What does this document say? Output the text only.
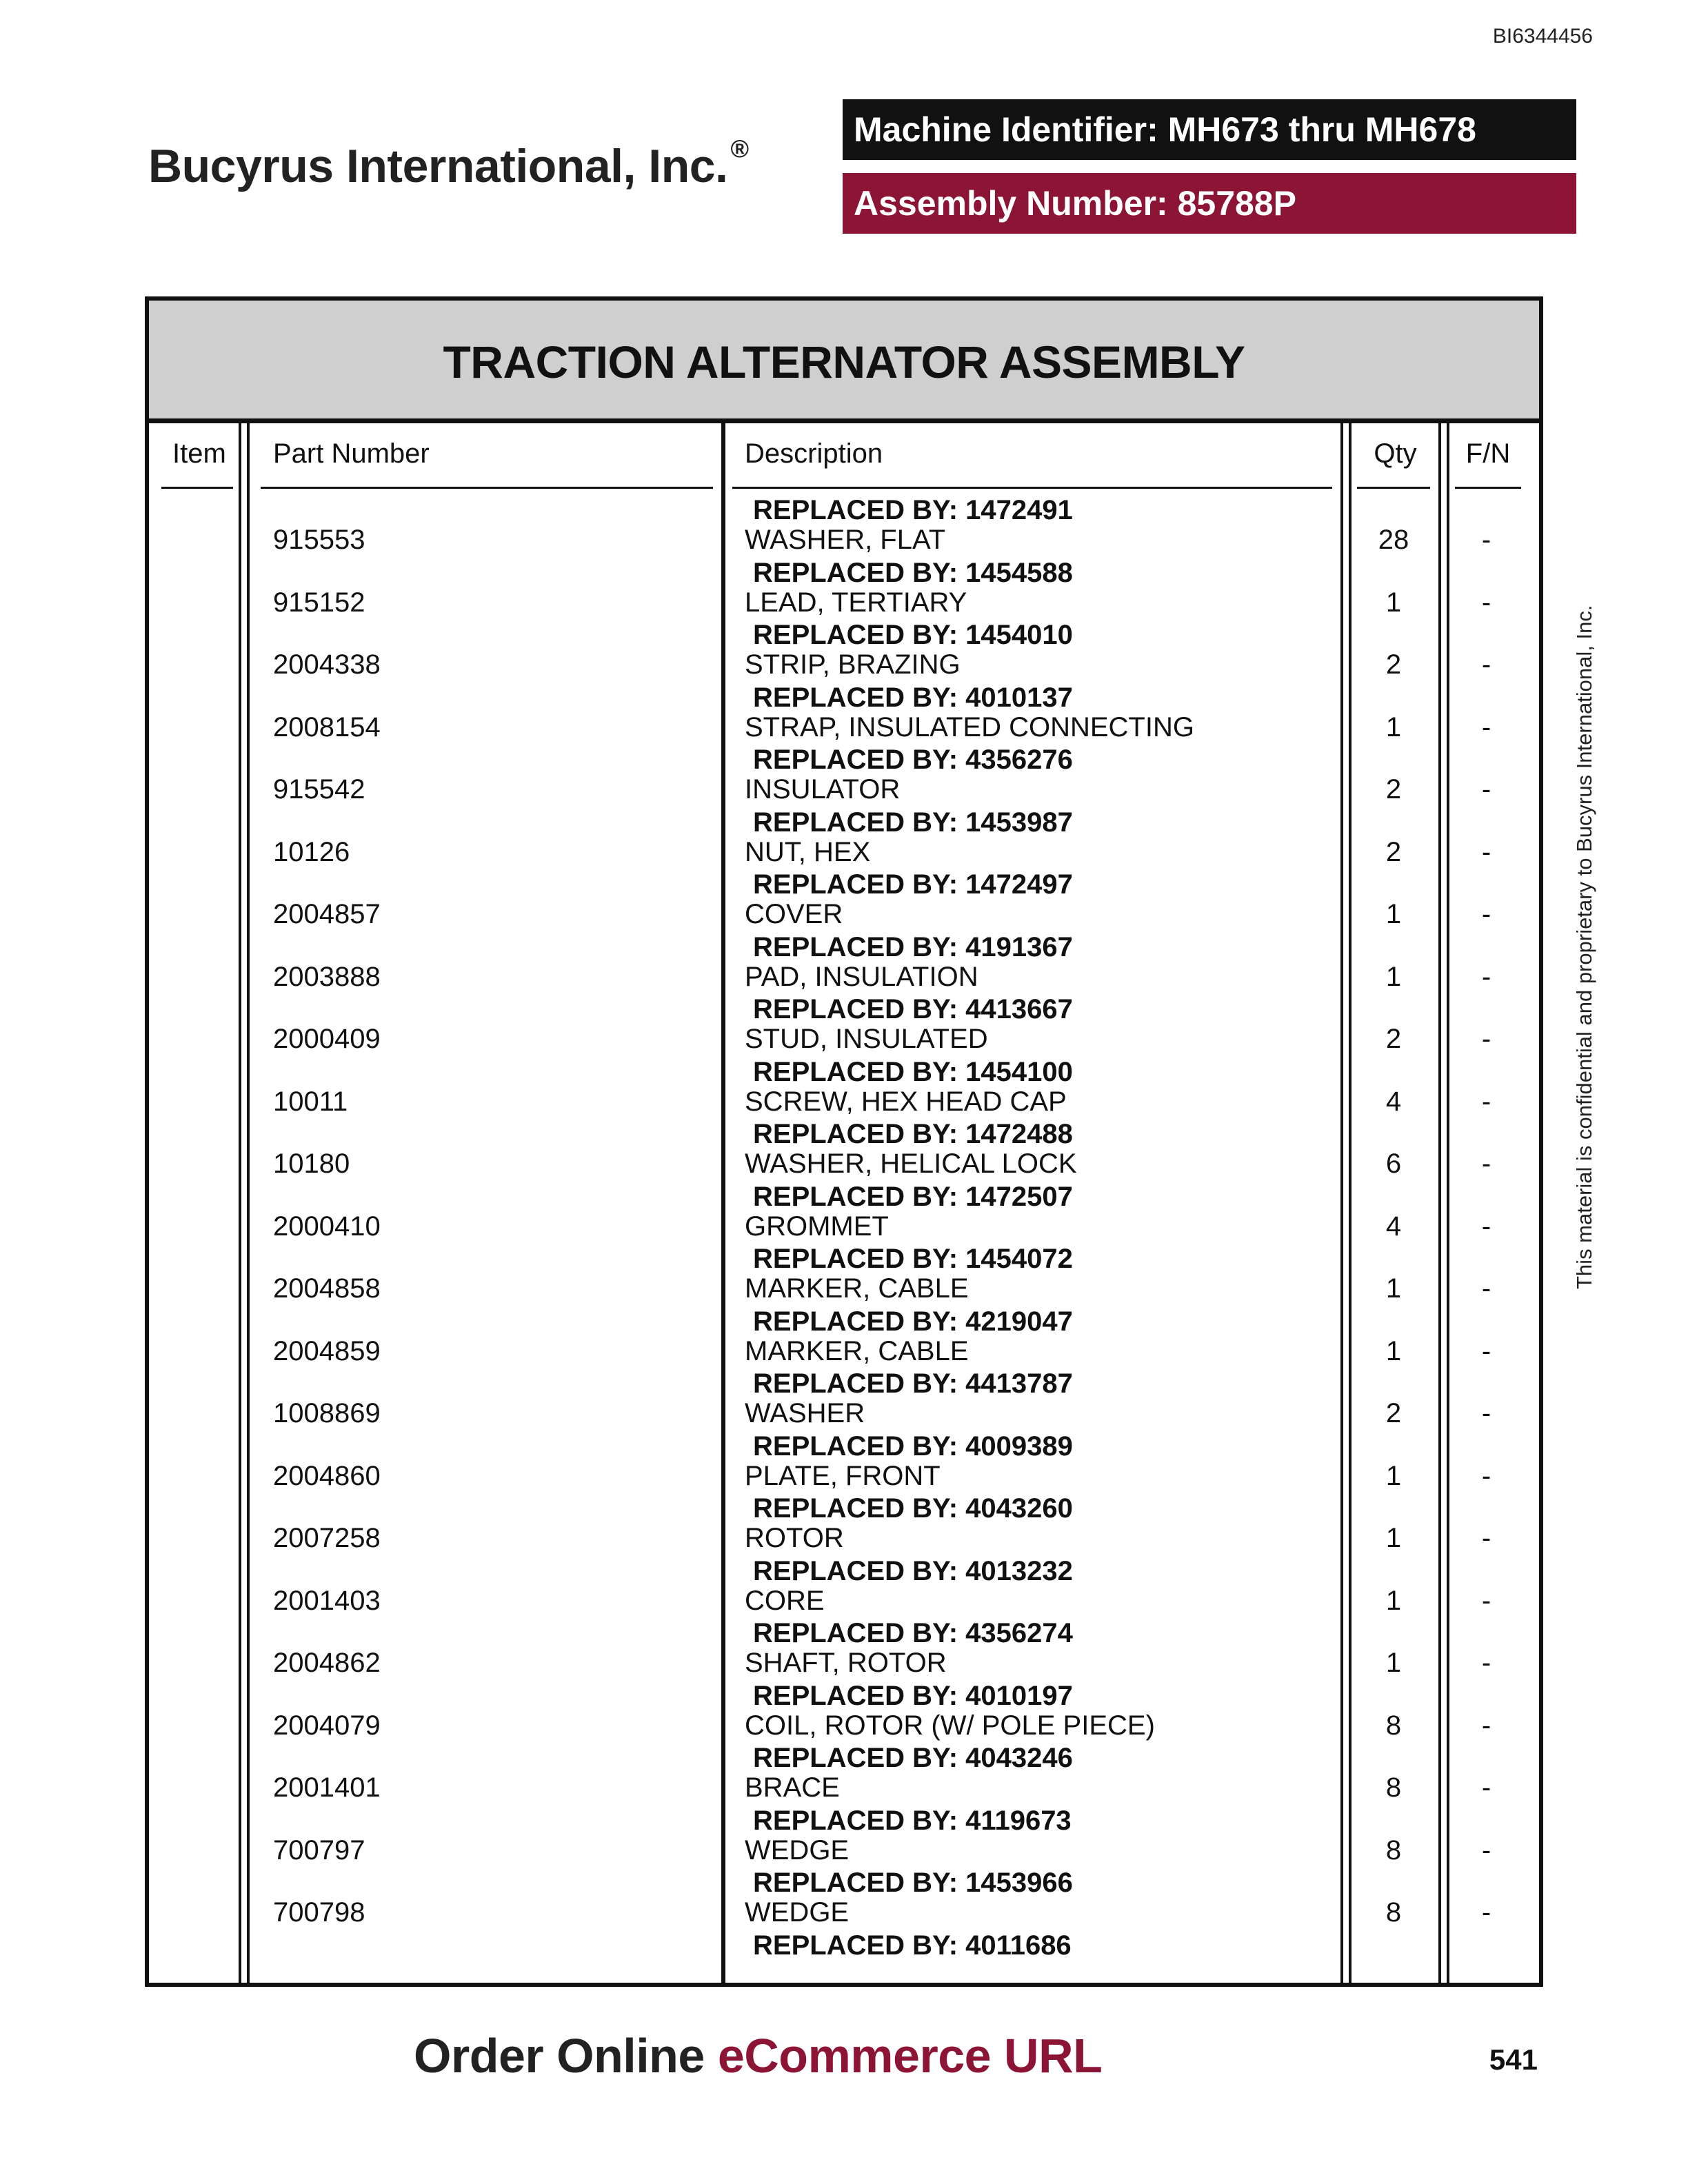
BI6344456
Bucyrus International, Inc. ®	Machine Identifier: MH673 thru MH678
Assembly Number: 85788P
TRACTION ALTERNATOR ASSEMBLY
Item Part Number	Description	Qty	F/N
REPLACED BY: 1472491
915553	WASHER, FLAT	28	-
REPLACED BY: 1454588
915152	LEAD, TERTIARY	1	-
REPLACED BY: 1454010
2004338	STRIP, BRAZING	2	-
REPLACED BY: 4010137
2008154	STRAP, INSULATED CONNECTING	1	-
REPLACED BY: 4356276
915542	INSULATOR	2	-
REPLACED BY: 1453987
10126	NUT, HEX	2	-
REPLACED BY: 1472497
2004857	COVER	1	-
REPLACED BY: 4191367
2003888	PAD, INSULATION	1	-
REPLACED BY: 4413667
2000409	STUD, INSULATED	2	-
REPLACED BY: 1454100
10011	SCREW, HEX HEAD CAP	4	-
REPLACED BY: 1472488
10180	WASHER, HELICAL LOCK	6	-
REPLACED BY: 1472507
2000410	GROMMET	4	-
REPLACED BY: 1454072
2004858	MARKER, CABLE	1	-
REPLACED BY: 4219047
2004859	MARKER, CABLE	1	-
REPLACED BY: 4413787
1008869	WASHER	2	-
REPLACED BY: 4009389
2004860	PLATE, FRONT	1	-
REPLACED BY: 4043260
2007258	ROTOR	1	-
REPLACED BY: 4013232
2001403	CORE	1	-
REPLACED BY: 4356274
2004862	SHAFT, ROTOR	1	-
REPLACED BY: 4010197
2004079	COIL, ROTOR (W/ POLE PIECE)	8	-
REPLACED BY: 4043246
2001401	BRACE	8	-
REPLACED BY: 4119673
700797	WEDGE	8	-
REPLACED BY: 1453966
700798	WEDGE	8	-
REPLACED BY: 4011686
This material is confidential and proprietary to Bucyrus International, Inc.
Order Online eCommerce URL	541
